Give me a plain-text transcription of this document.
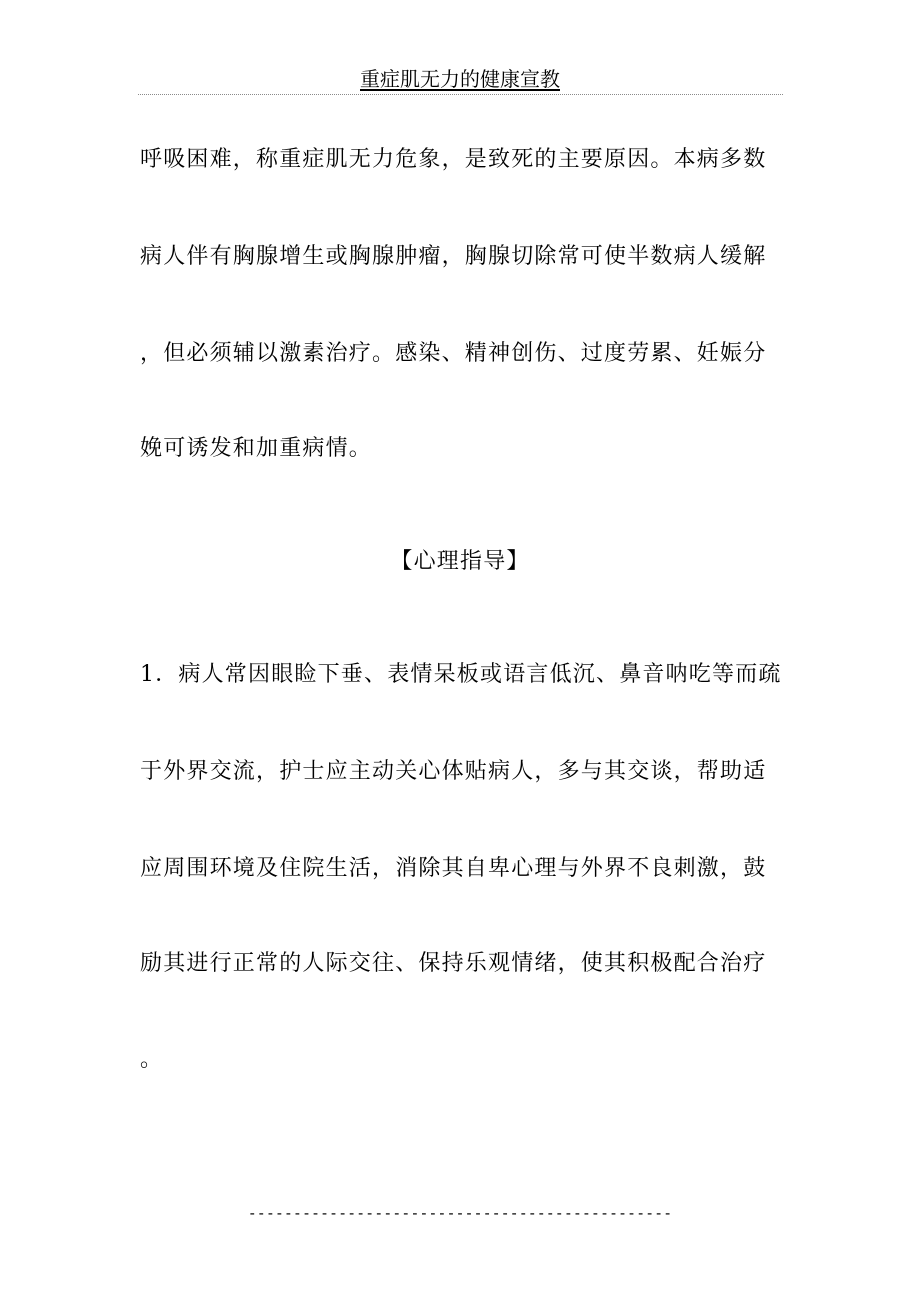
重症肌无力的健康宣教
呼吸困难，称重症肌无力危象，是致死的主要原因。本病多数
病人伴有胸腺增生或胸腺肿瘤，胸腺切除常可使半数病人缓解
，但必须辅以激素治疗。感染、精神创伤、过度劳累、妊娠分
娩可诱发和加重病情。
【心理指导】
1．病人常因眼睑下垂、表情呆板或语言低沉、鼻音呐吃等而疏
于外界交流，护士应主动关心体贴病人，多与其交谈，帮助适
应周围环境及住院生活，消除其自卑心理与外界不良刺激，鼓
励其进行正常的人际交往、保持乐观情绪，使其积极配合治疗
。
-----------------------------------------------
